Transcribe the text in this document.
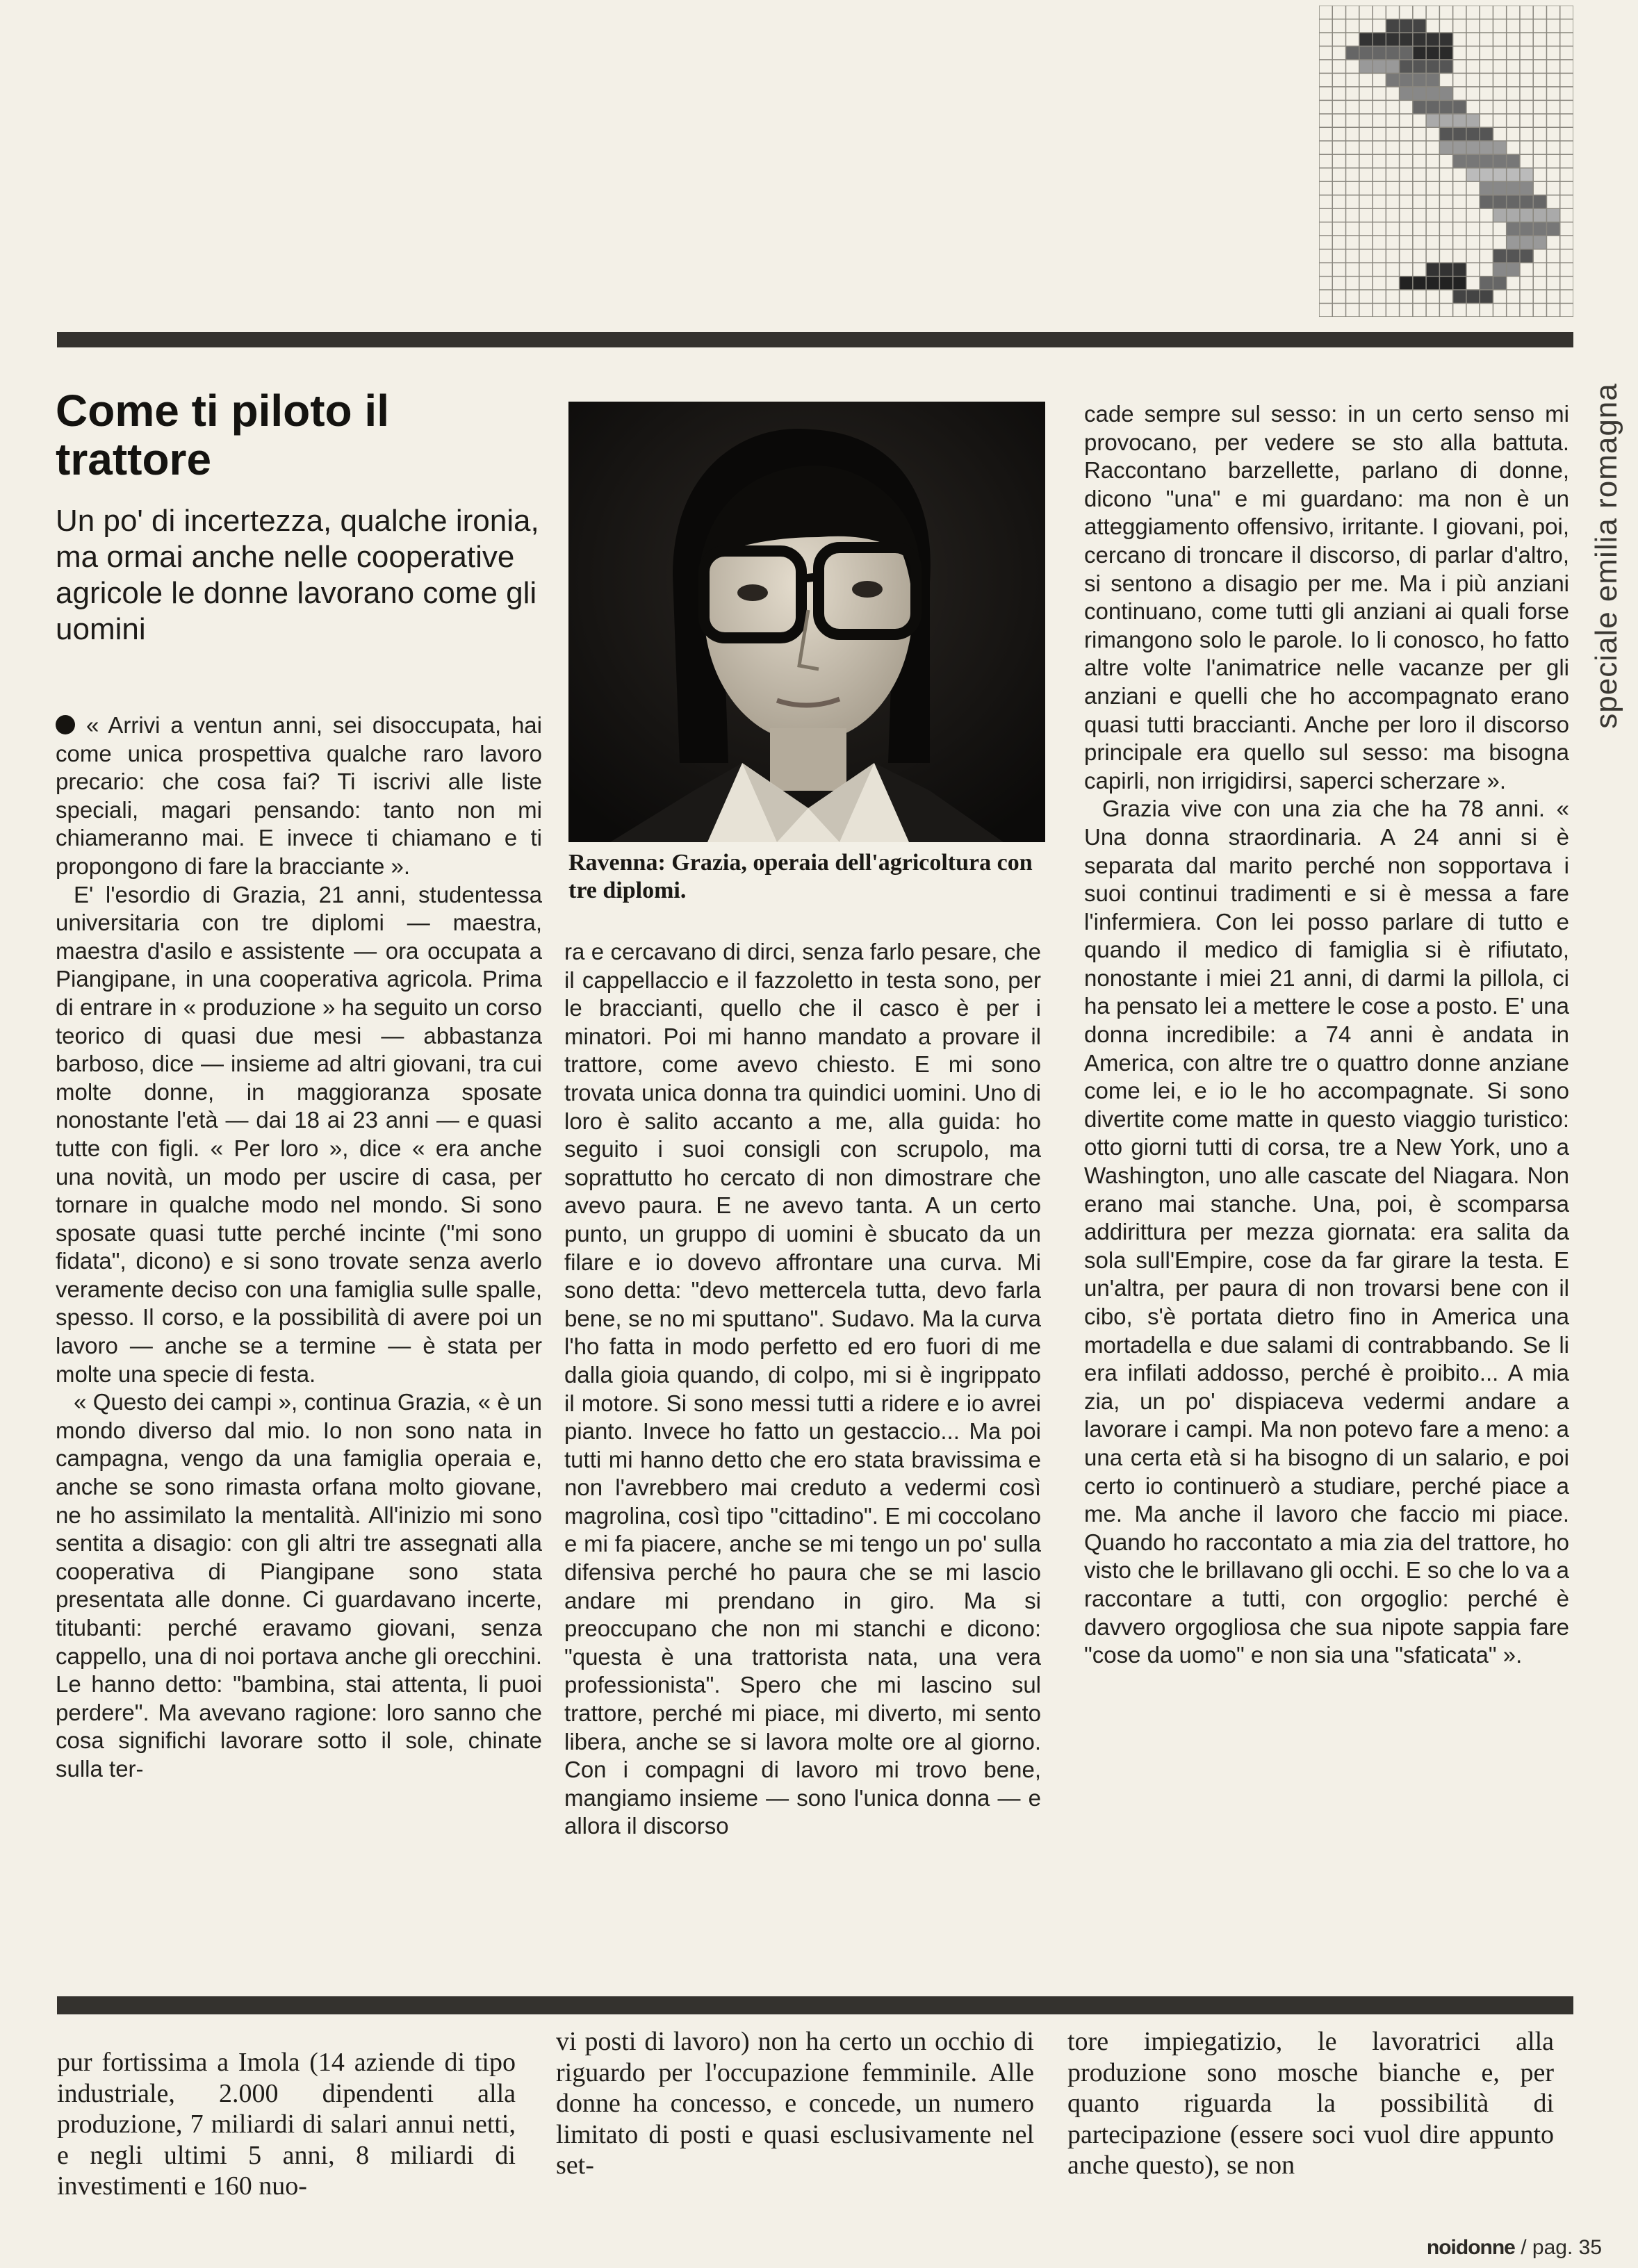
speciale emilia romagna
Come ti piloto il trattore

Un po' di incertezza, qualche ironia, ma ormai anche nelle cooperative agricole le donne lavorano come gli uomini

« Arrivi a ventun anni, sei disoccupata, hai come unica prospettiva qualche raro lavoro precario: che cosa fai? Ti iscrivi alle liste speciali, magari pensando: tanto non mi chiameranno mai. E invece ti chiamano e ti propongono di fare la bracciante ».

E' l'esordio di Grazia, 21 anni, studentessa universitaria con tre diplomi — maestra, maestra d'asilo e assistente — ora occupata a Piangipane, in una cooperativa agricola. Prima di entrare in « produzione » ha seguito un corso teorico di quasi due mesi — abbastanza barboso, dice — insieme ad altri giovani, tra cui molte donne, in maggioranza sposate nonostante l'età — dai 18 ai 23 anni — e quasi tutte con figli. « Per loro », dice « era anche una novità, un modo per uscire di casa, per tornare in qualche modo nel mondo. Si sono sposate quasi tutte perché incinte ("mi sono fidata", dicono) e si sono trovate senza averlo veramente deciso con una famiglia sulle spalle, spesso. Il corso, e la possibilità di avere poi un lavoro — anche se a termine — è stata per molte una specie di festa.

« Questo dei campi », continua Grazia, « è un mondo diverso dal mio. Io non sono nata in campagna, vengo da una famiglia operaia e, anche se sono rimasta orfana molto giovane, ne ho assimilato la mentalità. All'inizio mi sono sentita a disagio: con gli altri tre assegnati alla cooperativa di Piangipane sono stata presentata alle donne. Ci guardavano incerte, titubanti: perché eravamo giovani, senza cappello, una di noi portava anche gli orecchini. Le hanno detto: "bambina, stai attenta, li puoi perdere". Ma avevano ragione: loro sanno che cosa significhi lavorare sotto il sole, chinate sulla ter-

Ravenna: Grazia, operaia dell'agricoltura con tre diplomi.

ra e cercavano di dirci, senza farlo pesare, che il cappellaccio e il fazzoletto in testa sono, per le braccianti, quello che il casco è per i minatori. Poi mi hanno mandato a provare il trattore, come avevo chiesto. E mi sono trovata unica donna tra quindici uomini. Uno di loro è salito accanto a me, alla guida: ho seguito i suoi consigli con scrupolo, ma soprattutto ho cercato di non dimostrare che avevo paura. E ne avevo tanta. A un certo punto, un gruppo di uomini è sbucato da un filare e io dovevo affrontare una curva. Mi sono detta: "devo mettercela tutta, devo farla bene, se no mi sputtano". Sudavo. Ma la curva l'ho fatta in modo perfetto ed ero fuori di me dalla gioia quando, di colpo, mi si è ingrippato il motore. Si sono messi tutti a ridere e io avrei pianto. Invece ho fatto un gestaccio... Ma poi tutti mi hanno detto che ero stata bravissima e non l'avrebbero mai creduto a vedermi così magrolina, così tipo "cittadino". E mi coccolano e mi fa piacere, anche se mi tengo un po' sulla difensiva perché ho paura che se mi lascio andare mi prendano in giro. Ma si preoccupano che non mi stanchi e dicono: "questa è una trattorista nata, una vera professionista". Spero che mi lascino sul trattore, perché mi piace, mi diverto, mi sento libera, anche se si lavora molte ore al giorno. Con i compagni di lavoro mi trovo bene, mangiamo insieme — sono l'unica donna — e allora il discorso

cade sempre sul sesso: in un certo senso mi provocano, per vedere se sto alla battuta. Raccontano barzellette, parlano di donne, dicono "una" e mi guardano: ma non è un atteggiamento offensivo, irritante. I giovani, poi, cercano di troncare il discorso, di parlar d'altro, si sentono a disagio per me. Ma i più anziani continuano, come tutti gli anziani ai quali forse rimangono solo le parole. Io li conosco, ho fatto altre volte l'animatrice nelle vacanze per gli anziani e quelli che ho accompagnato erano quasi tutti braccianti. Anche per loro il discorso principale era quello sul sesso: ma bisogna capirli, non irrigidirsi, saperci scherzare ».

Grazia vive con una zia che ha 78 anni. « Una donna straordinaria. A 24 anni si è separata dal marito perché non sopportava i suoi continui tradimenti e si è messa a fare l'infermiera. Con lei posso parlare di tutto e quando il medico di famiglia si è rifiutato, nonostante i miei 21 anni, di darmi la pillola, ci ha pensato lei a mettere le cose a posto. E' una donna incredibile: a 74 anni è andata in America, con altre tre o quattro donne anziane come lei, e io le ho accompagnate. Si sono divertite come matte in questo viaggio turistico: otto giorni tutti di corsa, tre a New York, uno a Washington, uno alle cascate del Niagara. Non erano mai stanche. Una, poi, è scomparsa addirittura per mezza giornata: era salita da sola sull'Empire, cose da far girare la testa. E un'altra, per paura di non trovarsi bene con il cibo, s'è portata dietro fino in America una mortadella e due salami di contrabbando. Se li era infilati addosso, perché è proibito... A mia zia, un po' dispiaceva vedermi andare a lavorare i campi. Ma non potevo fare a meno: a una certa età si ha bisogno di un salario, e poi certo io continuerò a studiare, perché piace a me. Ma anche il lavoro che faccio mi piace. Quando ho raccontato a mia zia del trattore, ho visto che le brillavano gli occhi. E so che lo va a raccontare a tutti, con orgoglio: perché è davvero orgogliosa che sua nipote sappia fare "cose da uomo" e non sia una "sfaticata" ».

pur fortissima a Imola (14 aziende di tipo industriale, 2.000 dipendenti alla produzione, 7 miliardi di salari annui netti, e negli ultimi 5 anni, 8 miliardi di investimenti e 160 nuo-

vi posti di lavoro) non ha certo un occhio di riguardo per l'occupazione femminile. Alle donne ha concesso, e concede, un numero limitato di posti e quasi esclusivamente nel set-

tore impiegatizio, le lavoratrici alla produzione sono mosche bianche e, per quanto riguarda la possibilità di partecipazione (essere soci vuol dire appunto anche questo), se non

noidonne / pag. 35
